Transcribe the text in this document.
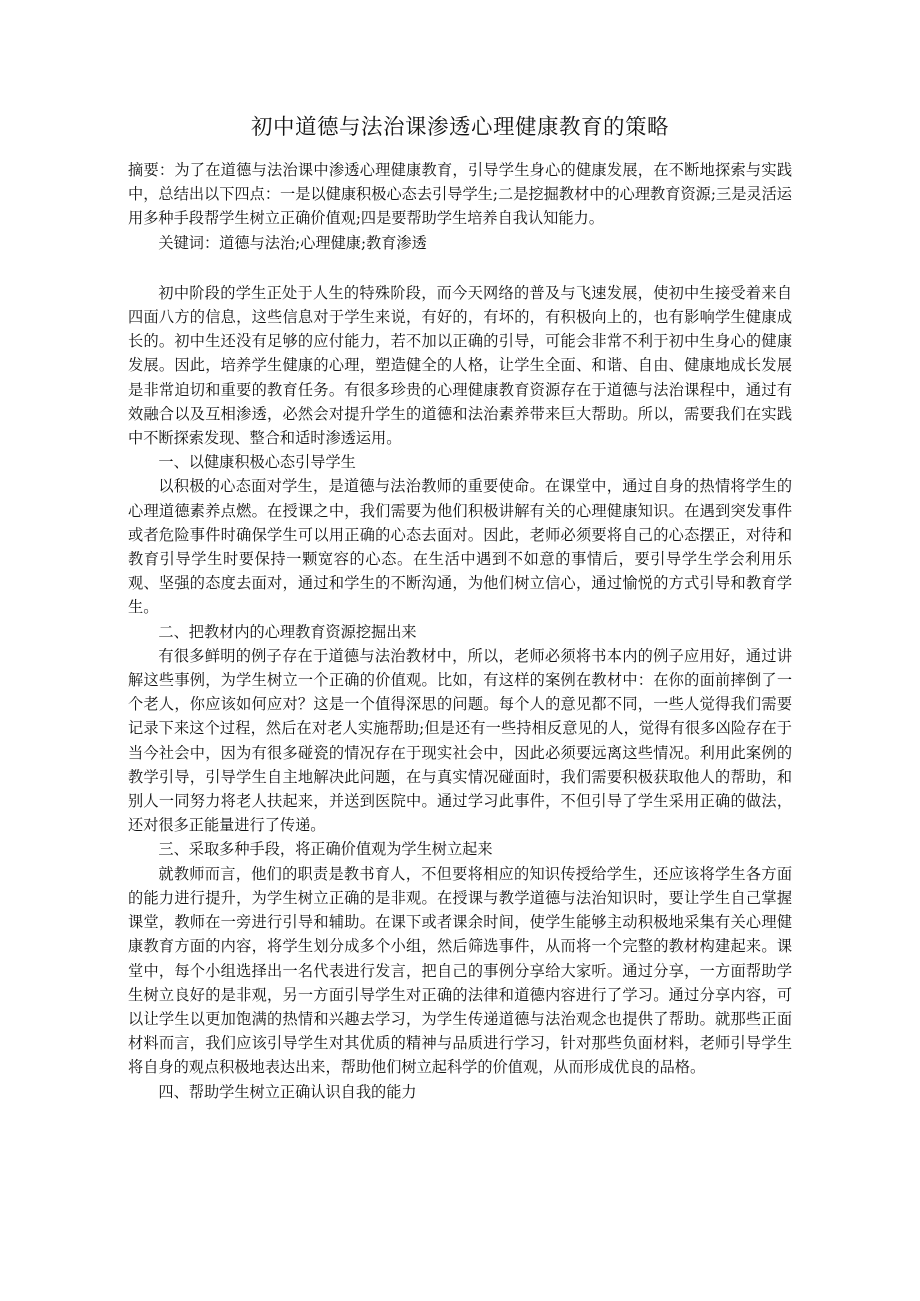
初中道德与法治课渗透心理健康教育的策略

摘要：为了在道德与法治课中渗透心理健康教育，引导学生身心的健康发展，在不断地探索与实践中，总结出以下四点：一是以健康积极心态去引导学生;二是挖掘教材中的心理教育资源;三是灵活运用多种手段帮学生树立正确价值观;四是要帮助学生培养自我认知能力。

关键词：道德与法治;心理健康;教育渗透

初中阶段的学生正处于人生的特殊阶段，而今天网络的普及与飞速发展，使初中生接受着来自四面八方的信息，这些信息对于学生来说，有好的，有坏的，有积极向上的，也有影响学生健康成长的。初中生还没有足够的应付能力，若不加以正确的引导，可能会非常不利于初中生身心的健康发展。因此，培养学生健康的心理，塑造健全的人格，让学生全面、和谐、自由、健康地成长发展是非常迫切和重要的教育任务。有很多珍贵的心理健康教育资源存在于道德与法治课程中，通过有效融合以及互相渗透，必然会对提升学生的道德和法治素养带来巨大帮助。所以，需要我们在实践中不断探索发现、整合和适时渗透运用。

一、以健康积极心态引导学生

以积极的心态面对学生，是道德与法治教师的重要使命。在课堂中，通过自身的热情将学生的心理道德素养点燃。在授课之中，我们需要为他们积极讲解有关的心理健康知识。在遇到突发事件或者危险事件时确保学生可以用正确的心态去面对。因此，老师必须要将自己的心态摆正，对待和教育引导学生时要保持一颗宽容的心态。在生活中遇到不如意的事情后，要引导学生学会利用乐观、坚强的态度去面对，通过和学生的不断沟通，为他们树立信心，通过愉悦的方式引导和教育学生。

二、把教材内的心理教育资源挖掘出来

有很多鲜明的例子存在于道德与法治教材中，所以，老师必须将书本内的例子应用好，通过讲解这些事例，为学生树立一个正确的价值观。比如，有这样的案例在教材中：在你的面前摔倒了一个老人，你应该如何应对？这是一个值得深思的问题。每个人的意见都不同，一些人觉得我们需要记录下来这个过程，然后在对老人实施帮助;但是还有一些持相反意见的人，觉得有很多凶险存在于当今社会中，因为有很多碰瓷的情况存在于现实社会中，因此必须要远离这些情况。利用此案例的教学引导，引导学生自主地解决此问题，在与真实情况碰面时，我们需要积极获取他人的帮助，和别人一同努力将老人扶起来，并送到医院中。通过学习此事件，不但引导了学生采用正确的做法，还对很多正能量进行了传递。

三、采取多种手段，将正确价值观为学生树立起来

就教师而言，他们的职责是教书育人，不但要将相应的知识传授给学生，还应该将学生各方面的能力进行提升，为学生树立正确的是非观。在授课与教学道德与法治知识时，要让学生自己掌握课堂，教师在一旁进行引导和辅助。在课下或者课余时间，使学生能够主动积极地采集有关心理健康教育方面的内容，将学生划分成多个小组，然后筛选事件，从而将一个完整的教材构建起来。课堂中，每个小组选择出一名代表进行发言，把自己的事例分享给大家听。通过分享，一方面帮助学生树立良好的是非观，另一方面引导学生对正确的法律和道德内容进行了学习。通过分享内容，可以让学生以更加饱满的热情和兴趣去学习，为学生传递道德与法治观念也提供了帮助。就那些正面材料而言，我们应该引导学生对其优质的精神与品质进行学习，针对那些负面材料，老师引导学生将自身的观点积极地表达出来，帮助他们树立起科学的价值观，从而形成优良的品格。

四、帮助学生树立正确认识自我的能力
